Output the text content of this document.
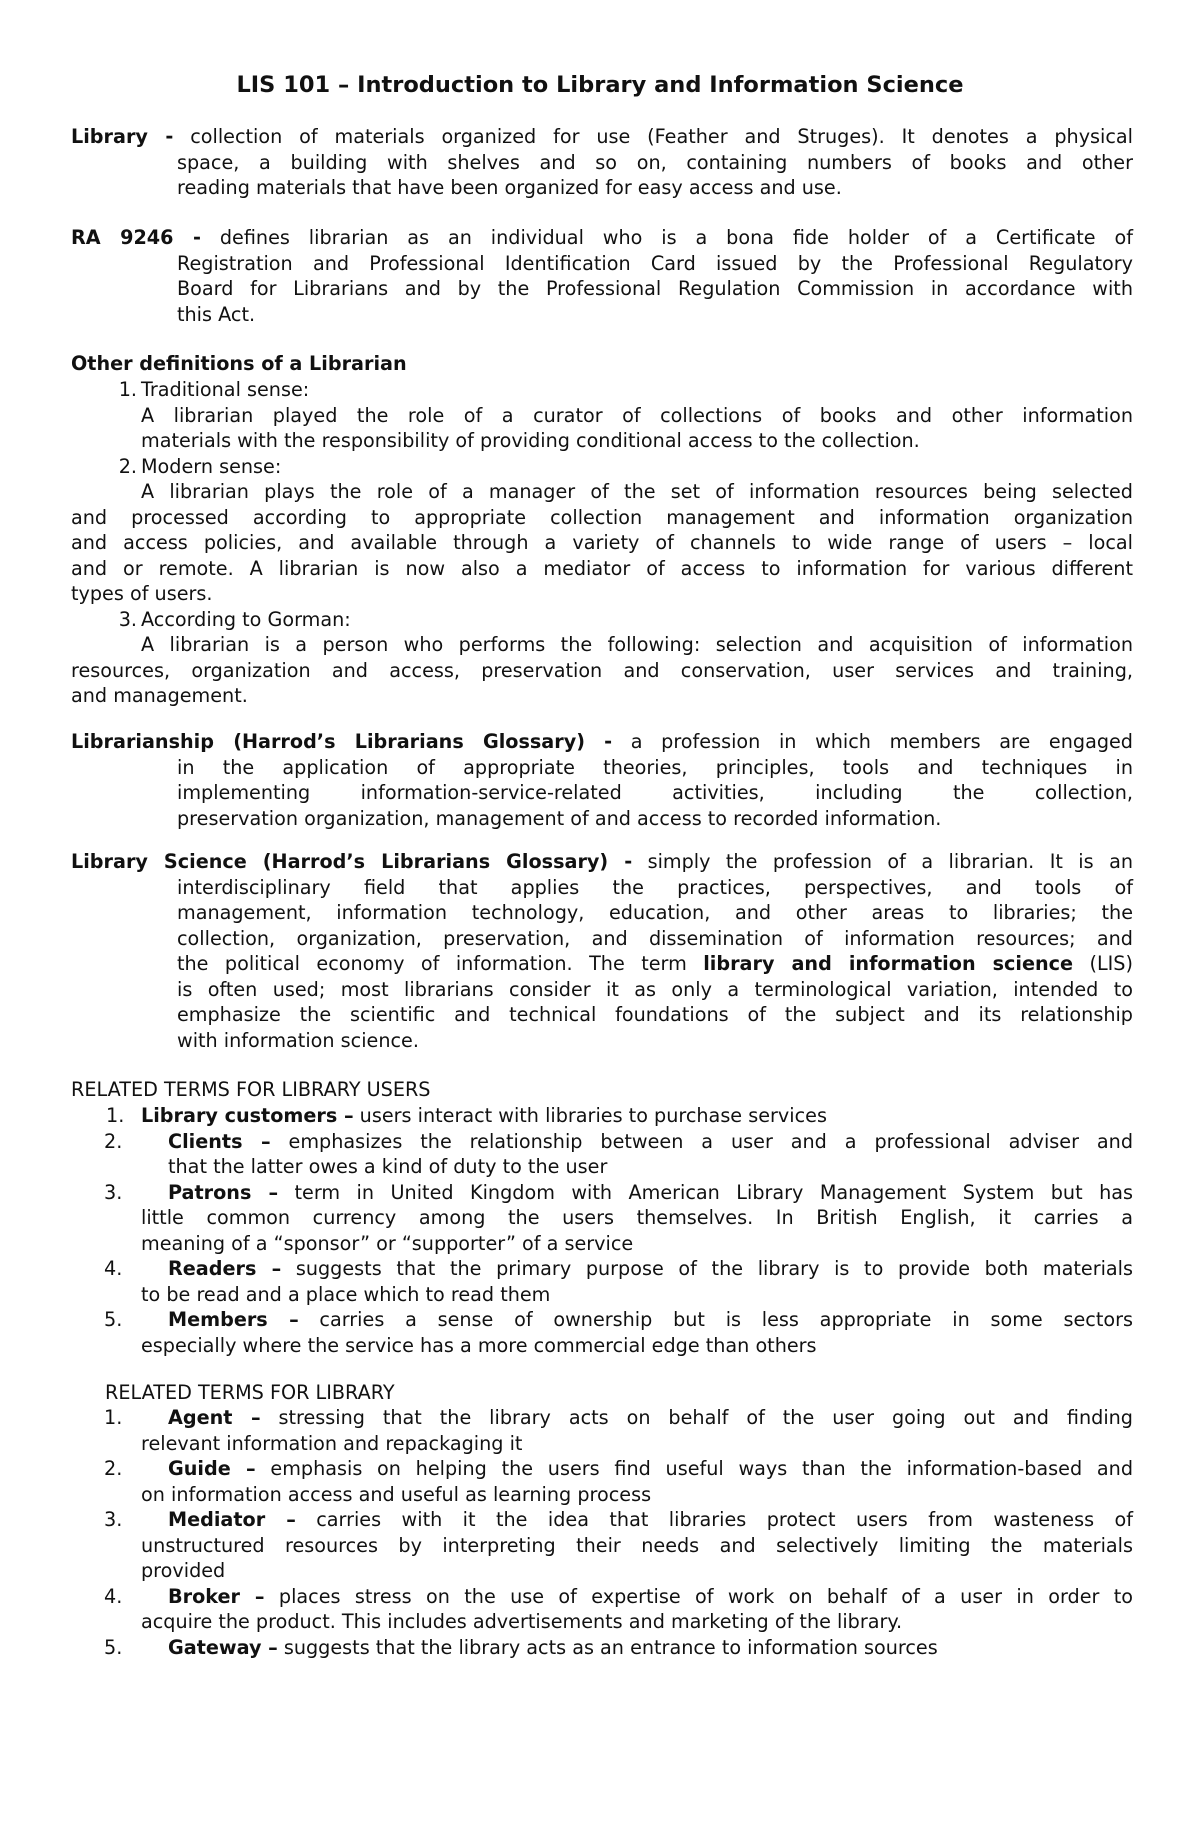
LIS 101 – Introduction to Library and Information Science
Library - collection of materials organized for use (Feather and Struges). It denotes a physical
space, a building with shelves and so on, containing numbers of books and other
reading materials that have been organized for easy access and use.
RA 9246 - defines librarian as an individual who is a bona fide holder of a Certificate of
Registration and Professional Identification Card issued by the Professional Regulatory
Board for Librarians and by the Professional Regulation Commission in accordance with
this Act.
Other definitions of a Librarian
1. Traditional sense:
A librarian played the role of a curator of collections of books and other information
materials with the responsibility of providing conditional access to the collection.
2. Modern sense:
A librarian plays the role of a manager of the set of information resources being selected
and processed according to appropriate collection management and information organization
and access policies, and available through a variety of channels to wide range of users – local
and or remote. A librarian is now also a mediator of access to information for various different
types of users.
3. According to Gorman:
A librarian is a person who performs the following: selection and acquisition of information
resources, organization and access, preservation and conservation, user services and training,
and management.
Librarianship (Harrod’s Librarians Glossary) - a profession in which members are engaged
in the application of appropriate theories, principles, tools and techniques in
implementing information-service-related activities, including the collection,
preservation organization, management of and access to recorded information.
Library Science (Harrod’s Librarians Glossary) - simply the profession of a librarian. It is an
interdisciplinary field that applies the practices, perspectives, and tools of
management, information technology, education, and other areas to libraries; the
collection, organization, preservation, and dissemination of information resources; and
the political economy of information. The term library and information science (LIS)
is often used; most librarians consider it as only a terminological variation, intended to
emphasize the scientific and technical foundations of the subject and its relationship
with information science.
RELATED TERMS FOR LIBRARY USERS
1. Library customers – users interact with libraries to purchase services
2.	Clients – emphasizes the relationship between a user and a professional adviser and
that the latter owes a kind of duty to the user
3.	Patrons – term in United Kingdom with American Library Management System but has
little common currency among the users themselves. In British English, it carries a
meaning of a “sponsor” or “supporter” of a service
4.	Readers – suggests that the primary purpose of the library is to provide both materials
to be read and a place which to read them
5.	Members – carries a sense of ownership but is less appropriate in some sectors
especially where the service has a more commercial edge than others
RELATED TERMS FOR LIBRARY
1.	Agent – stressing that the library acts on behalf of the user going out and finding
relevant information and repackaging it
2.	Guide – emphasis on helping the users find useful ways than the information-based and
on information access and useful as learning process
3.	Mediator – carries with it the idea that libraries protect users from wasteness of
unstructured resources by interpreting their needs and selectively limiting the materials
provided
4.	Broker – places stress on the use of expertise of work on behalf of a user in order to
acquire the product. This includes advertisements and marketing of the library.
5.	Gateway – suggests that the library acts as an entrance to information sources
